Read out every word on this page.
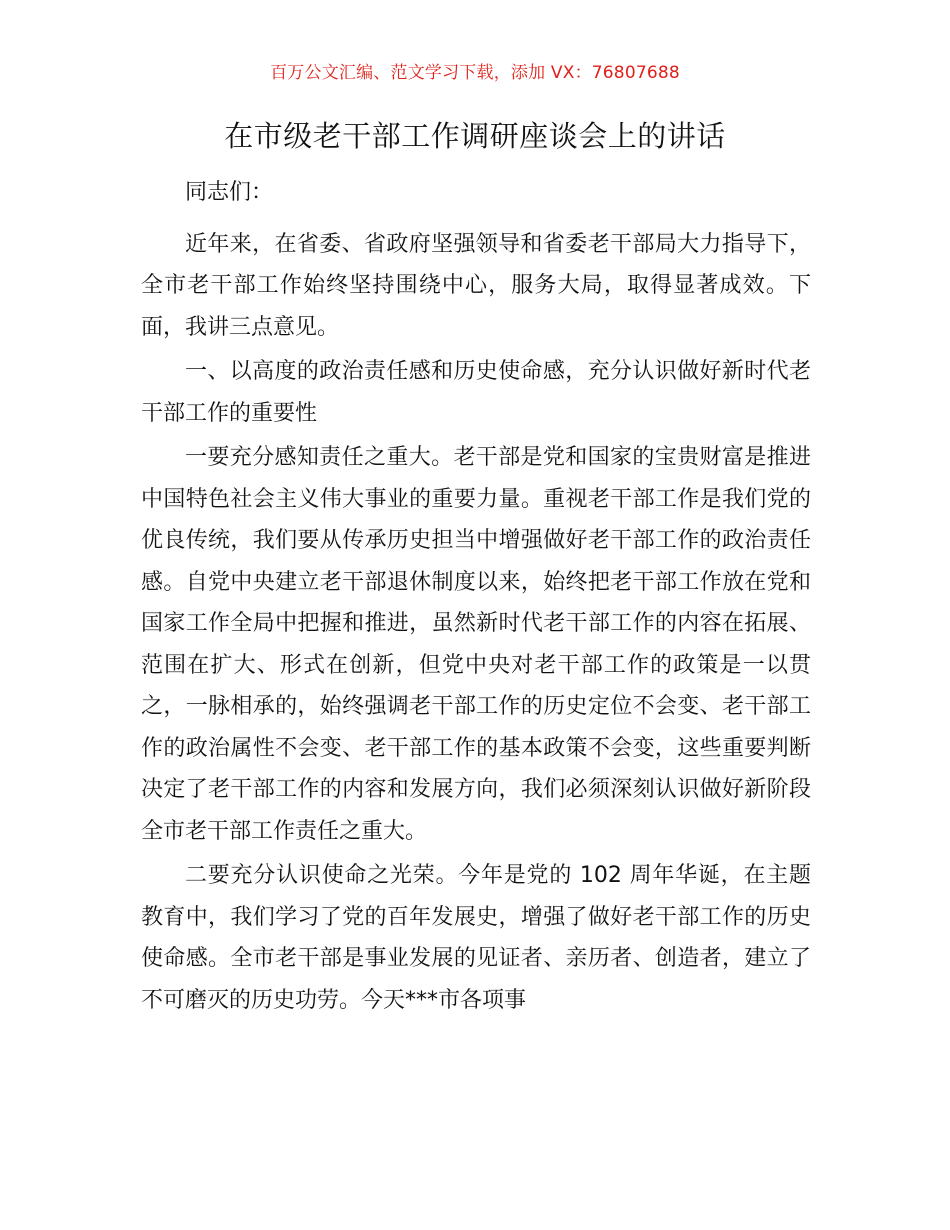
百万公文汇编、范文学习下载，添加 VX：76807688
在市级老干部工作调研座谈会上的讲话

同志们：

近年来，在省委、省政府坚强领导和省委老干部局大力指导下，全市老干部工作始终坚持围绕中心，服务大局，取得显著成效。下面，我讲三点意见。

一、以高度的政治责任感和历史使命感，充分认识做好新时代老干部工作的重要性

一要充分感知责任之重大。老干部是党和国家的宝贵财富是推进中国特色社会主义伟大事业的重要力量。重视老干部工作是我们党的优良传统，我们要从传承历史担当中增强做好老干部工作的政治责任感。自党中央建立老干部退休制度以来，始终把老干部工作放在党和国家工作全局中把握和推进，虽然新时代老干部工作的内容在拓展、范围在扩大、形式在创新，但党中央对老干部工作的政策是一以贯之，一脉相承的，始终强调老干部工作的历史定位不会变、老干部工作的政治属性不会变、老干部工作的基本政策不会变，这些重要判断决定了老干部工作的内容和发展方向，我们必须深刻认识做好新阶段全市老干部工作责任之重大。

二要充分认识使命之光荣。今年是党的 102 周年华诞，在主题教育中，我们学习了党的百年发展史，增强了做好老干部工作的历史使命感。全市老干部是事业发展的见证者、亲历者、创造者，建立了不可磨灭的历史功劳。今天***市各项事
